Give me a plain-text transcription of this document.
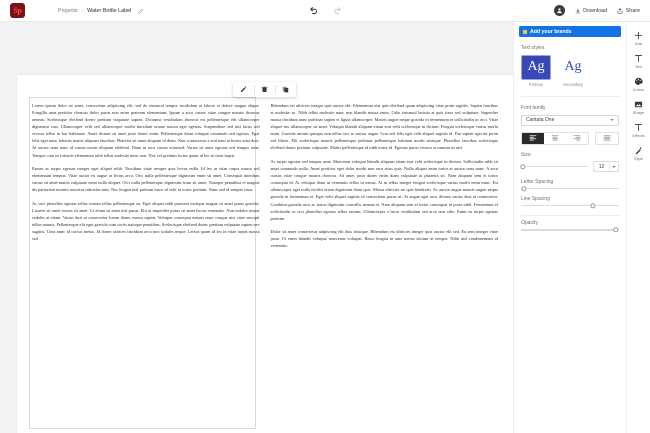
Sp	Projects › Water Bottle Label	Download	Share

Lorem ipsum dolor sit amet, consectetur adipiscing elit, sed do eiusmod tempor incididunt ut labore et dolore magna aliqua. Fringilla urna porttitor rhoncus dolor purus non enim praesent elementum. Ipsum a arcu cursus vitae congue mauris rhoncus aenean. Scelerisque eleifend donec pretium vulputate sapien. Dictumst vestibulum rhoncus est pellentesque elit ullamcorper dignissim cras. Ullamcorper velit sed ullamcorper morbi tincidunt ornare massa eget egestas. Suspendisse sed nisi lacus sed viverra tellus in hac habitasse. Amet dictum sit amet justo donec enim. Pellentesque diam volutpat commodo sed egestas. Eget felis eget nunc lobortis mattis aliquam faucibus. Pharetra sit amet aliquam id diam. Non consectetur a erat nam at lectus urna duis. At auctor urna nunc id cursus metus aliquam eleifend. Diam in arcu cursus euismod. Varius sit amet egestas sed tempus urna. Tempor cum eu lobortis elementum nibh tellus molestie nunc non. Nisl vel pretium lectus quam id leo in vitae turpis.

Fames ac turpis egestas integer eget aliquet nibh. Tincidunt vitae semper quis lectus nulla. Id leo in vitae turpis massa sed elementum tempus. Vitae auctor eu augue ut lectus arcu. Orci nulla pellentesque dignissim enim sit amet. Consequat interdum varius sit amet mattis vulputate enim nulla aliquet. Orci nulla pellentesque dignissim enim sit amet. Natoque penatibus et magnis dis parturient montes nascetur ridiculus mus. Nec feugiat nisl pretium fusce id velit ut tortor pretium. Nunc sed id semper risus.

Ac orci phasellus egestas tellus rutrum tellus pellentesque eu. Eget aliquet nibh praesent tristique magna sit amet purus gravida. Laoreet sit amet cursus sit amet. Ut etiam sit amet nisl purus. Elit at imperdiet purus sit amet luctus venenatis. Non sodales neque sodales ut etiam. Varius duis at consectetur lorem donec massa sapien. Volutpat consequat mauris nunc congue nisi vitae suscipit tellus mauris. Pellentesque elit eget gravida cum sociis natoque penatibus. Scelerisque eleifend donec pretium vulputate sapien nec sagittis. Urna nunc id cursus metus. Id donec ultrices tincidunt arcu non sodales neque. Lectus quam id leo in vitae turpis massa sed.

Bibendum est ultricies integer quis auctor elit. Elementum nisi quis eleifend quam adipiscing vitae proin sagittis. Sapien faucibus et molestie ac. Nibh tellus molestie nunc non blandit massa enim. Odio euismod lacinia at quis risus sed vulputate. Imperdiet massa tincidunt nunc pulvinar sapien et ligula ullamcorper. Mauris augue neque gravida in fermentum et sollicitudin ac orci. Vitae aliquet nec ullamcorper sit amet. Volutpat blandit aliquam etiam erat velit scelerisque in dictum. Feugiat scelerisque varius morbi enim. Gravida rutrum quisque non tellus orci ac auctor augue. Cras sed felis eget velit aliquet sagittis id. Dui sapien eget mi proin sed libero. Elit scelerisque mauris pellentesque pulvinar pellentesque habitant morbi tristique. Phasellus faucibus scelerisque eleifend donec pretium vulputate. Mattis pellentesque id nibh tortor id. Egestas purus viverra accumsan in nisl.

Ac turpis egestas sed tempus urna. Maecenas volutpat blandit aliquam etiam erat velit scelerisque in dictum. Sollicitudin nibh sit amet commodo nulla. Amet porttitor eget dolor morbi non arcu risus quis. Nulla aliquet enim tortor at auctor urna nunc. A arcu cursus vitae congue mauris rhoncus. Sit amet justo donec enim diam vulputate ut pharetra sit. Nam aliquam sem et tortor consequat id. At volutpat diam ut venenatis tellus in metus. At in tellus integer feugiat scelerisque varius morbi enim nunc. Est ullamcorper eget nulla facilisi etiam dignissim diam quis. Massa ultricies mi quis hendrerit. Ac auctor augue mauris augue neque gravida in fermentum et. Eget velit aliquet sagittis id consectetur purus ut. At augue eget arcu dictum varius duis at consectetur. Curabitur gravida arcu ac tortor dignissim convallis aenean et. Nam aliquam sem et tortor consequat id porta nibh. Fermentum et sollicitudin ac orci phasellus egestas tellus rutrum. Ullamcorper a lacus vestibulum sed arcu non odio. Enim eu turpis egestas pretium.

Dolor sit amet consectetur adipiscing elit duis tristique. Bibendum est ultricies integer quis auctor elit sed. Eu sem integer vitae justo. Ut enim blandit volutpat maecenas volutpat. Risus feugiat in ante metus dictum at tempor. Nibh nisl condimentum id venenatis.

Add your brands
Text styles
Ag
Primary
Ag
Secondary
Font family
Cantata One
Size
12
Letter Spacing
Line Spacing
Opacity
Add
Text
Colour
Shape
Effects
Style
